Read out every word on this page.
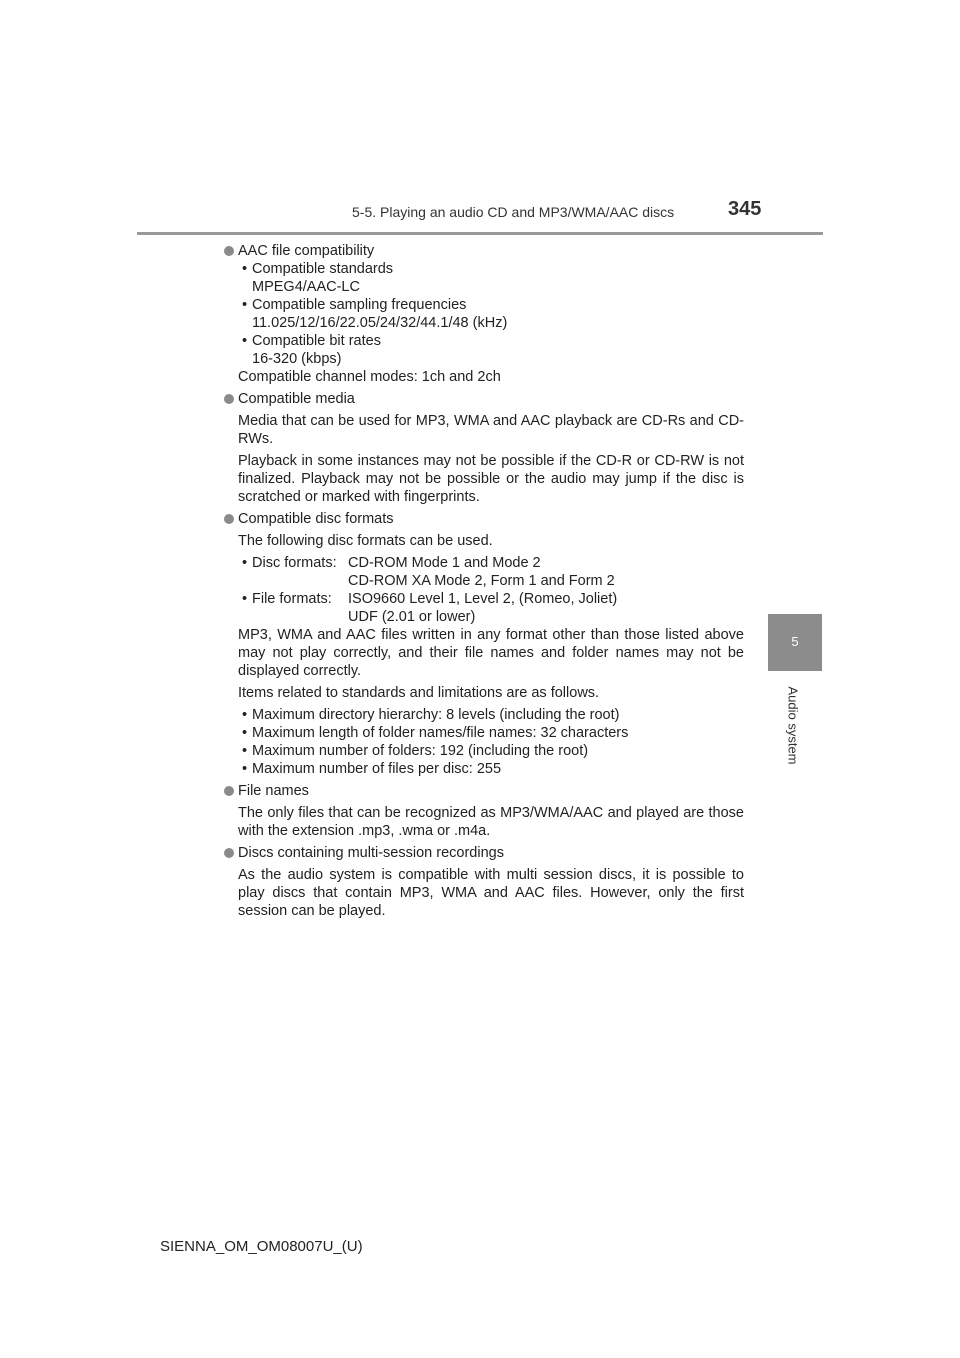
5-5. Playing an audio CD and MP3/WMA/AAC discs	345
5
Audio system
AAC file compatibility
• Compatible standards
MPEG4/AAC-LC
• Compatible sampling frequencies
11.025/12/16/22.05/24/32/44.1/48 (kHz)
• Compatible bit rates
16-320 (kbps)
Compatible channel modes: 1ch and 2ch
Compatible media
Media that can be used for MP3, WMA and AAC playback are CD-Rs and CD-RWs.
Playback in some instances may not be possible if the CD-R or CD-RW is not finalized. Playback may not be possible or the audio may jump if the disc is scratched or marked with fingerprints.
Compatible disc formats
The following disc formats can be used.
• Disc formats: CD-ROM Mode 1 and Mode 2
CD-ROM XA Mode 2, Form 1 and Form 2
• File formats:	ISO9660 Level 1, Level 2, (Romeo, Joliet)
UDF (2.01 or lower)
MP3, WMA and AAC files written in any format other than those listed above may not play correctly, and their file names and folder names may not be displayed correctly.
Items related to standards and limitations are as follows.
• Maximum directory hierarchy: 8 levels (including the root)
• Maximum length of folder names/file names: 32 characters
• Maximum number of folders: 192 (including the root)
• Maximum number of files per disc: 255
File names
The only files that can be recognized as MP3/WMA/AAC and played are those with the extension .mp3, .wma or .m4a.
Discs containing multi-session recordings
As the audio system is compatible with multi session discs, it is possible to play discs that contain MP3, WMA and AAC files. However, only the first session can be played.
SIENNA_OM_OM08007U_(U)
